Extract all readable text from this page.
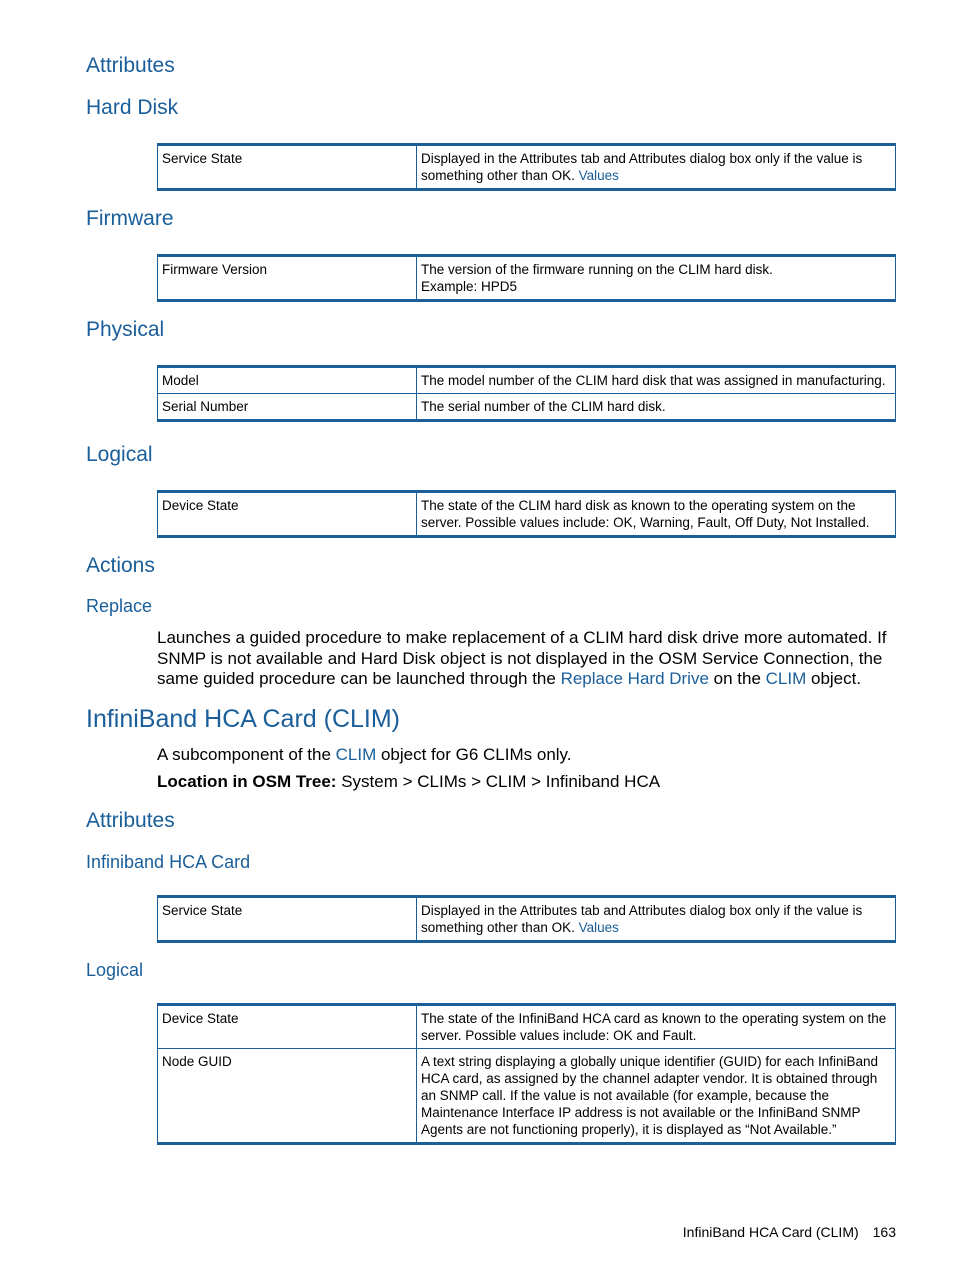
Attributes
Hard Disk
Service State	Displayed in the Attributes tab and Attributes dialog box only if the value is something other than OK. Values
Firmware
Firmware Version	The version of the firmware running on the CLIM hard disk.
Example: HPD5
Physical
Model	The model number of the CLIM hard disk that was assigned in manufacturing.
Serial Number	The serial number of the CLIM hard disk.
Logical
Device State	The state of the CLIM hard disk as known to the operating system on the server. Possible values include: OK, Warning, Fault, Off Duty, Not Installed.
Actions
Replace

Launches a guided procedure to make replacement of a CLIM hard disk drive more automated. If SNMP is not available and Hard Disk object is not displayed in the OSM Service Connection, the same guided procedure can be launched through the Replace Hard Drive on the CLIM object.

InfiniBand HCA Card (CLIM)

A subcomponent of the CLIM object for G6 CLIMs only.

Location in OSM Tree: System > CLIMs > CLIM > Infiniband HCA

Attributes
Infiniband HCA Card
Service State	Displayed in the Attributes tab and Attributes dialog box only if the value is something other than OK. Values
Logical
Device State	The state of the InfiniBand HCA card as known to the operating system on the server. Possible values include: OK and Fault.
Node GUID	A text string displaying a globally unique identifier (GUID) for each InfiniBand HCA card, as assigned by the channel adapter vendor. It is obtained through an SNMP call. If the value is not available (for example, because the Maintenance Interface IP address is not available or the InfiniBand SNMP Agents are not functioning properly), it is displayed as “Not Available.”
InfiniBand HCA Card (CLIM) 163
